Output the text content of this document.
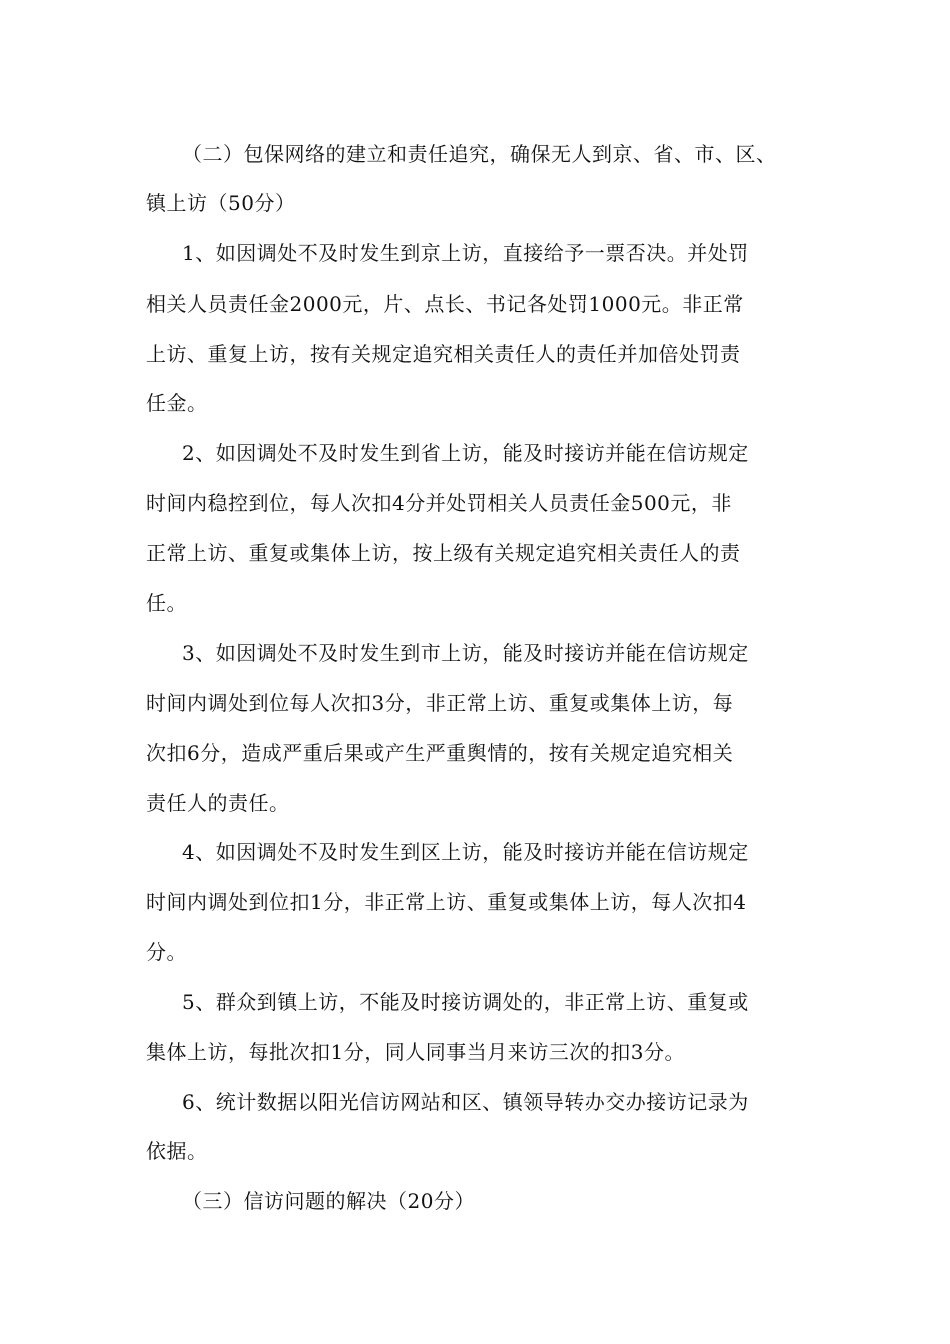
（二）包保网络的建立和责任追究，确保无人到京、省、市、区、
镇上访（50分）
1、如因调处不及时发生到京上访，直接给予一票否决。并处罚
相关人员责任金2000元，片、点长、书记各处罚1000元。非正常
上访、重复上访，按有关规定追究相关责任人的责任并加倍处罚责
任金。
2、如因调处不及时发生到省上访，能及时接访并能在信访规定
时间内稳控到位，每人次扣4分并处罚相关人员责任金500元，非
正常上访、重复或集体上访，按上级有关规定追究相关责任人的责
任。
3、如因调处不及时发生到市上访，能及时接访并能在信访规定
时间内调处到位每人次扣3分，非正常上访、重复或集体上访，每
次扣6分，造成严重后果或产生严重舆情的，按有关规定追究相关
责任人的责任。
4、如因调处不及时发生到区上访，能及时接访并能在信访规定
时间内调处到位扣1分，非正常上访、重复或集体上访，每人次扣4
分。
5、群众到镇上访，不能及时接访调处的，非正常上访、重复或
集体上访，每批次扣1分，同人同事当月来访三次的扣3分。
6、统计数据以阳光信访网站和区、镇领导转办交办接访记录为
依据。
（三）信访问题的解决（20分）
